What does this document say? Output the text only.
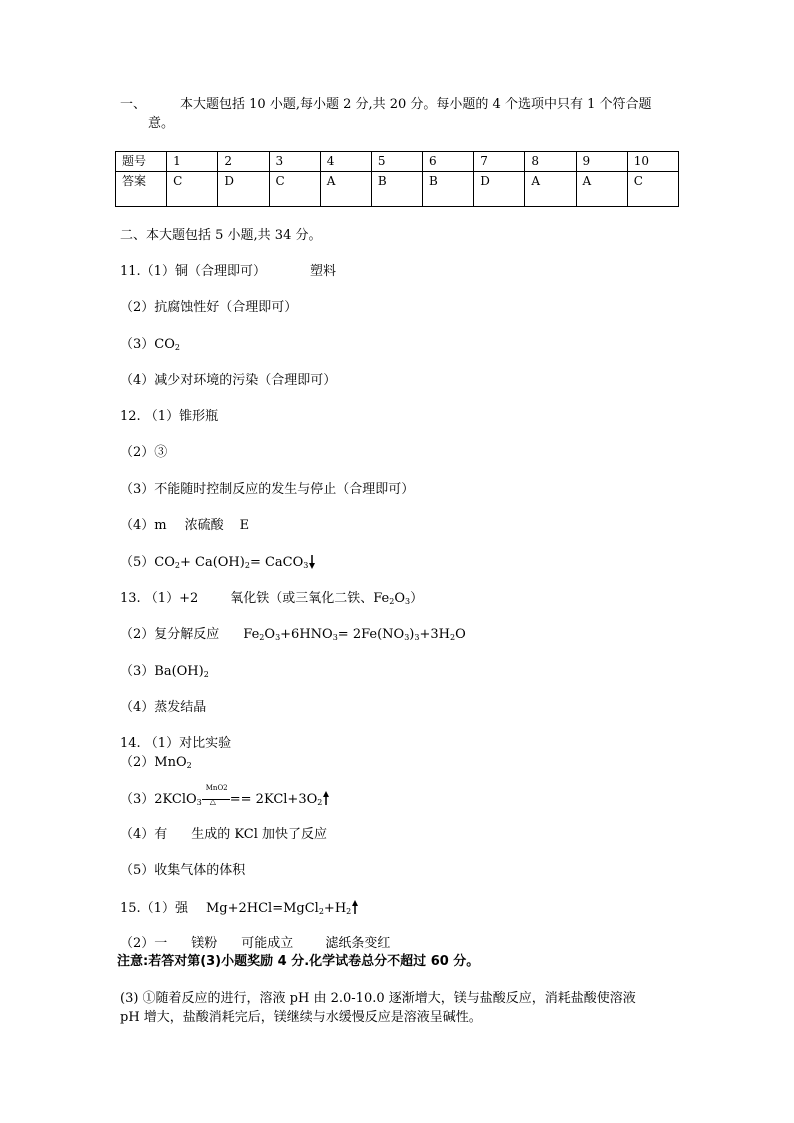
一、	本大题包括 10 小题,每小题 2 分,共 20 分。每小题的 4 个选项中只有 1 个符合题
意。
题号	1	2	3	4	5	6	7	8	9	10
答案	C	D	C	A	B	B	D	A	A	C
二、本大题包括 5 小题,共 34 分。
11.（1）铜（合理即可）	塑料
（2）抗腐蚀性好（合理即可）
$(3)CO_2$
（4）减少对环境的污染（合理即可）
12. （1）锥形瓶
（2）③
（3）不能随时控制反应的发生与停止（合理即可）
（4）m 浓硫酸 E
$(5)CO_2+ Ca(OH)_2=$ CaCO$_3$
13. （1）+2 氧化铁（或三氧化二铁、$Fe_2O_3$）
（2）复分解反应 $Fe_2O_3+6HNO_3= 2Fe(NO_3)_3+3H_2O$
$(3)Ba(OH)_2$
（4）蒸发结晶
14. （1）对比实验
（2）MnO$_2$
（3）2KClO$_3$ $\frac{\text{MnO2}}{\triangle} == 2KCl+3O_2$
（4）有 生成的 KCl 加快了反应
（5）收集气体的体积
15.（1）强 $Mg+2HCl=MgCl_2+H_2$
（2）一 镁粉 可能成立 滤纸条变红
注意:若答对第(3)小题奖励 4 分.化学试卷总分不超过 60 分。
(3) ①随着反应的进行，溶液 pH 由 2.0-10.0 逐渐增大，镁与盐酸反应，消耗盐酸使溶液
pH 增大，盐酸消耗完后，镁继续与水缓慢反应是溶液呈碱性。
